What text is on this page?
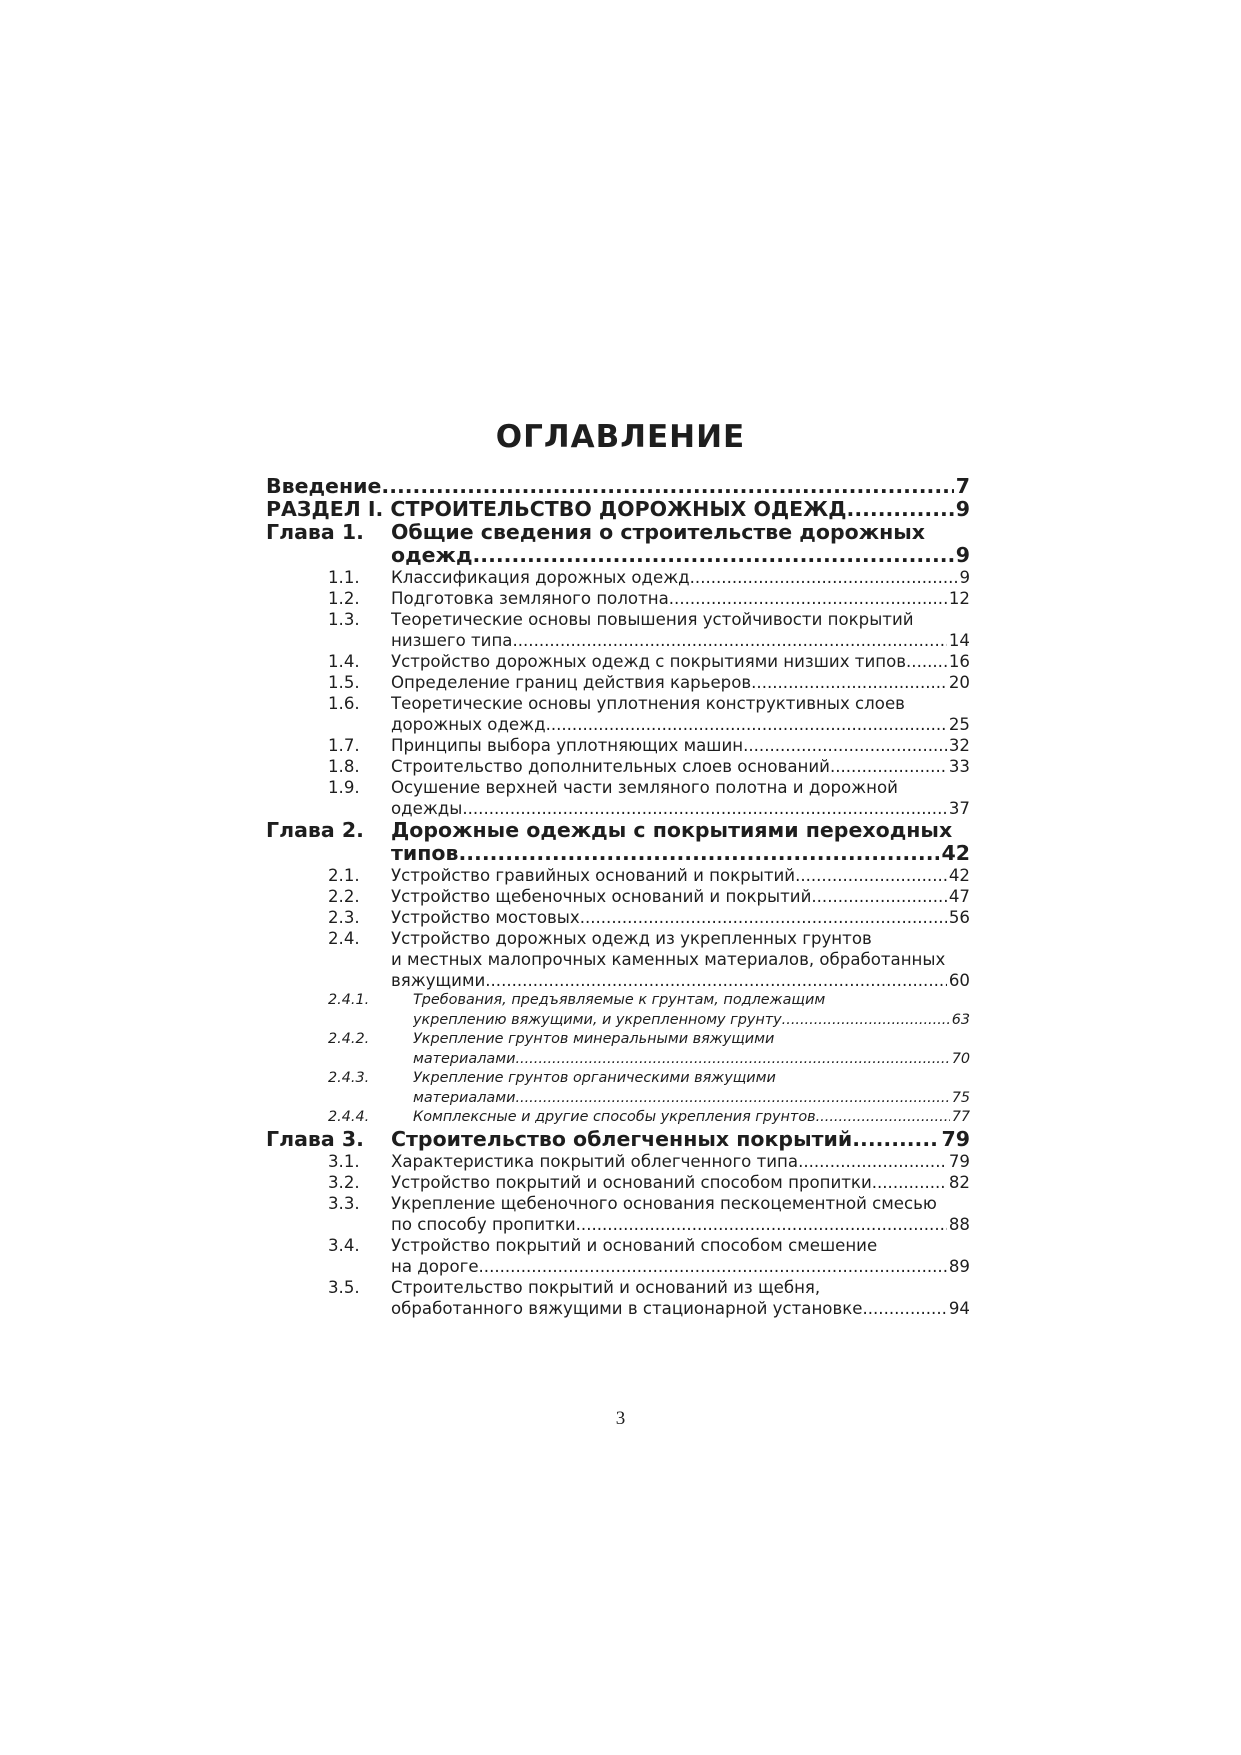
ОГЛАВЛЕНИЕ
Введение .....	7
РАЗДЕЛ I. СТРОИТЕЛЬСТВО ДОРОЖНЫХ ОДЕЖД .....	9
Глава 1. Общие сведения о строительстве дорожных
одежд .....	9
1.1. Классификация дорожных одежд .....	9
1.2. Подготовка земляного полотна .....	12
1.3. Теоретические основы повышения устойчивости покрытий
низшего типа .....	14
1.4. Устройство дорожных одежд с покрытиями низших типов .....	16
1.5. Определение границ действия карьеров .....	20
1.6. Теоретические основы уплотнения конструктивных слоев
дорожных одежд .....	25
1.7. Принципы выбора уплотняющих машин .....	32
1.8. Строительство дополнительных слоев оснований .....	33
1.9. Осушение верхней части земляного полотна и дорожной
одежды .....	37
Глава 2. Дорожные одежды с покрытиями переходных
типов .....	42
2.1. Устройство гравийных оснований и покрытий .....	42
2.2. Устройство щебеночных оснований и покрытий .....	47
2.3. Устройство мостовых .....	56
2.4. Устройство дорожных одежд из укрепленных грунтов
и местных малопрочных каменных материалов, обработанных
вяжущими .....	60
2.4.1.	Требования, предъявляемые к грунтам, подлежащим
укреплению вяжущими, и укрепленному грунту .....	63
2.4.2.	Укрепление грунтов минеральными вяжущими
материалами .....	70
2.4.3.	Укрепление грунтов органическими вяжущими
материалами .....	75
2.4.4.	Комплексные и другие способы укрепления грунтов .....	77
Глава 3. Строительство облегченных покрытий .....	79
3.1. Характеристика покрытий облегченного типа .....	79
3.2. Устройство покрытий и оснований способом пропитки .....	82
3.3. Укрепление щебеночного основания пескоцементной смесью
по способу пропитки .....	88
3.4. Устройство покрытий и оснований способом смешение
на дороге .....	89
3.5. Строительство покрытий и оснований из щебня,
обработанного вяжущими в стационарной установке .....	94
3
